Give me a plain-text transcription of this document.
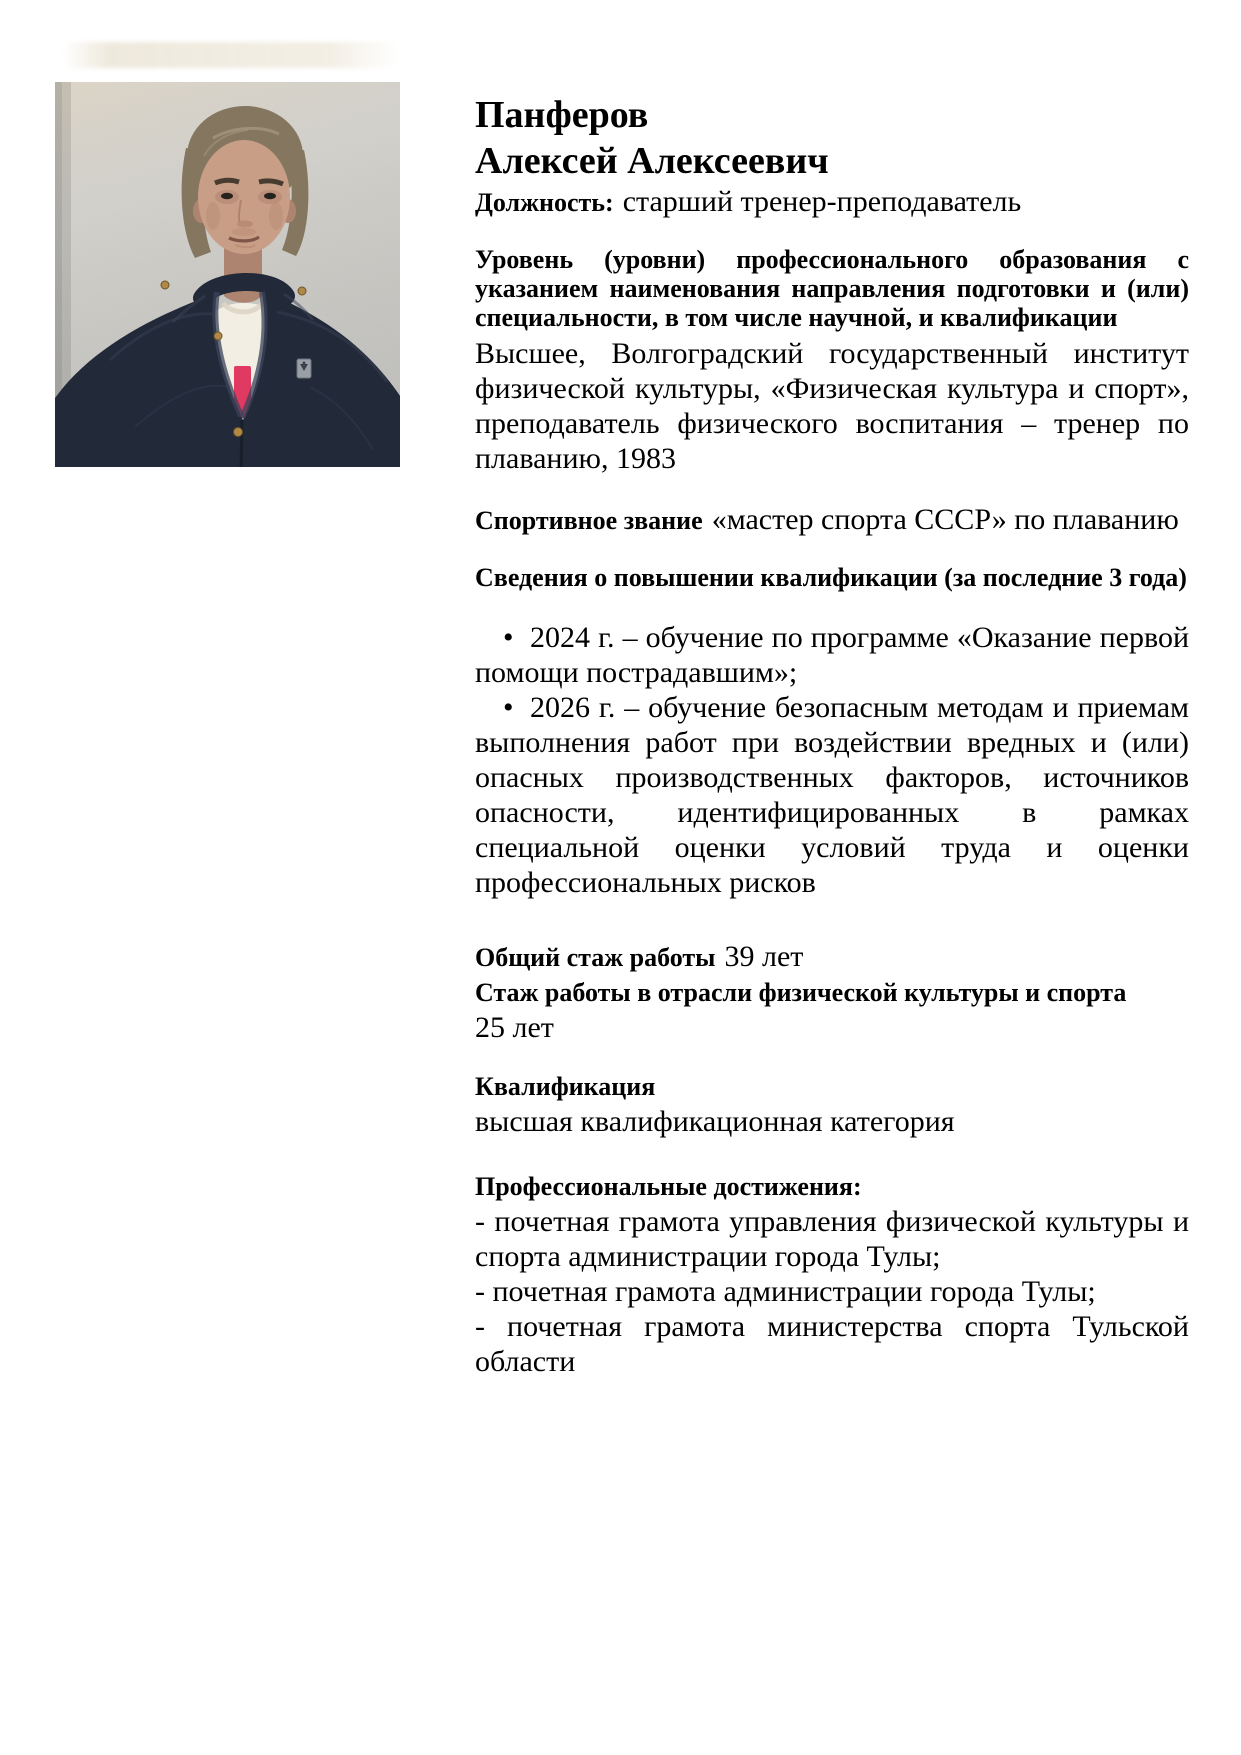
Панферов
Алексей Алексеевич

Должность: старший тренер-преподаватель

Уровень (уровни) профессионального образования с указанием наименования направления подготовки и (или) специальности, в том числе научной, и квалификации

Высшее, Волгоградский государственный институт физической культуры, «Физическая культура и спорт», преподаватель физического воспитания – тренер по плаванию, 1983

Спортивное звание «мастер спорта СССР» по плаванию

Сведения о повышении квалификации (за последние 3 года)

• 2024 г. – обучение по программе «Оказание первой помощи пострадавшим»;
• 2026 г. – обучение безопасным методам и приемам выполнения работ при воздействии вредных и (или) опасных производственных факторов, источников опасности, идентифицированных в рамках специальной оценки условий труда и оценки профессиональных рисков

Общий стаж работы 39 лет

Стаж работы в отрасли физической культуры и спорта

25 лет

Квалификация

высшая квалификационная категория

Профессиональные достижения:

- почетная грамота управления физической культуры и спорта администрации города Тулы;

- почетная грамота администрации города Тулы;

- почетная грамота министерства спорта Тульской области
